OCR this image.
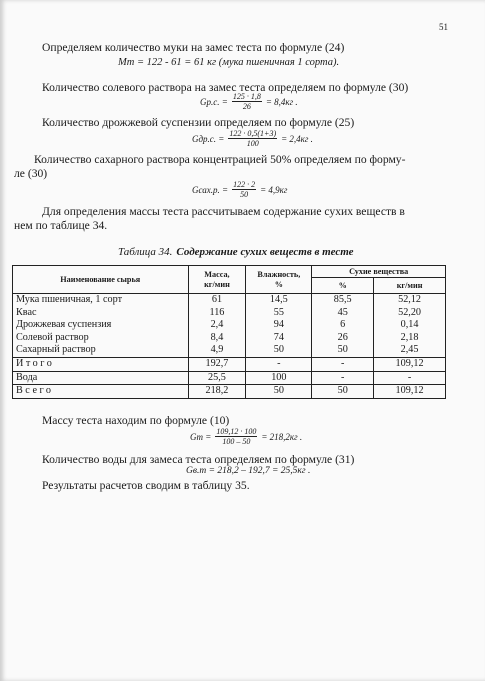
51
Определяем количество муки на замес теста по формуле (24)
Мт = 122 - 61 = 61 кг (мука пшеничная 1 сорта).
Количество солевого раствора на замес теста определяем по формуле (30)
Gp.c. = $\frac{125 \cdot 1,8}{26} = 8,4кг$ .
Количество дрожжевой суспензии определяем по формуле (25)
Gдр.с. = $\frac{122 \cdot 0,5(1+3)}{100} = 2,4кг$ .
Количество сахарного раствора концентрацией 50% определяем по форму-
ле (30)
Gсах.р. = $\frac{122 \cdot 2}{50} = 4,9кг$
Для определения массы теста рассчитываем содержание сухих веществ в
нем по таблице 34.
Таблица 34. Содержание сухих веществ в тесте
Наименование сырья	Масса,
кг/мин	Влажность,
%	Сухие вещества	
			%	кг/мин
Мука пшеничная, 1 сорт	61	14,5	85,5	52,12
Квас	116	55	45	52,20
Дрожжевая суспензия	2,4	94	6	0,14
Солевой раствор	8,4	74	26	2,18
Сахарный раствор	4,9	50	50	2,45
Итого	192,7	-	-	109,12
Вода	25,5	100	-	-
Всего	218,2	50	50	109,12
Массу теста находим по формуле (10)
$Gm = \frac{109,12 \cdot 100}{100 - 50} = 218,2кг$ .
Количество воды для замеса теста определяем по формуле (31)
Gв.т = 218,2 – 192,7 = 25,5кг .
Результаты расчетов сводим в таблицу 35.
